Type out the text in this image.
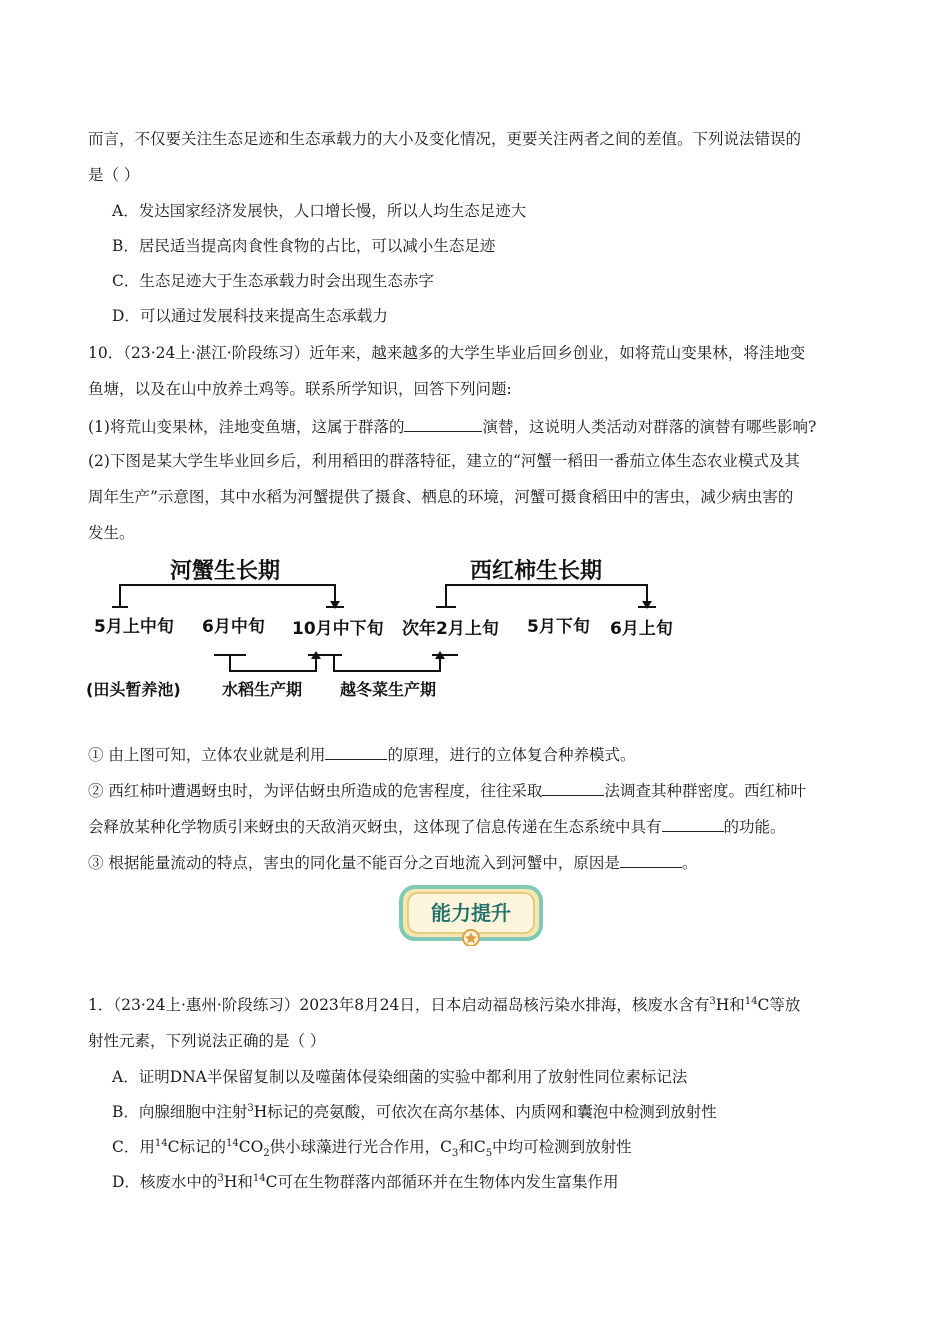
而言，不仅要关注生态足迹和生态承载力的大小及变化情况，更要关注两者之间的差值。下列说法错误的
是（ ）
A．发达国家经济发展快，人口增长慢，所以人均生态足迹大
B．居民适当提高肉食性食物的占比，可以减小生态足迹
C．生态足迹大于生态承载力时会出现生态赤字
D．可以通过发展科技来提高生态承载力
10．（23·24上·湛江·阶段练习）近年来，越来越多的大学生毕业后回乡创业，如将荒山变果林，将洼地变
鱼塘，以及在山中放养土鸡等。联系所学知识，回答下列问题:
(1)将荒山变果林，洼地变鱼塘，这属于群落的	演替，这说明人类活动对群落的演替有哪些影响?
(2)下图是某大学生毕业回乡后，利用稻田的群落特征，建立的“河蟹一稻田一番茄立体生态农业模式及其
周年生产”示意图，其中水稻为河蟹提供了摄食、栖息的环境，河蟹可摄食稻田中的害虫，减少病虫害的
发生。
河蟹生长期	西红柿生长期
5月上中旬 6月中旬 10月中下旬 次年2月上旬 5月下旬 6月上旬
(田头暂养池)	水稻生产期 越冬菜生产期
① 由上图可知，立体农业就是利用	的原理，进行的立体复合种养模式。
② 西红柿叶遭遇蚜虫时，为评估蚜虫所造成的危害程度，往往采取	法调查其种群密度。西红柿叶
会释放某种化学物质引来蚜虫的天敌消灭蚜虫，这体现了信息传递在生态系统中具有	的功能。
③ 根据能量流动的特点，害虫的同化量不能百分之百地流入到河蟹中，原因是	。
能力提升
1．（23·24上·惠州·阶段练习）2023年8月24日，日本启动福岛核污染水排海，核废水含有$^3$H和$^{14}$C等放
射性元素，下列说法正确的是（ ）
A．证明DNA半保留复制以及噬菌体侵染细菌的实验中都利用了放射性同位素标记法
B．向腺细胞中注射$^3$H标记的亮氨酸，可依次在高尔基体、内质网和囊泡中检测到放射性
C．用$^{14}$C标记的$^{14}CO_2$供小球藻进行光合作用，$C_3$和$C_5$中均可检测到放射性
D．核废水中的$^3$H和$^{14}$C可在生物群落内部循环并在生物体内发生富集作用
